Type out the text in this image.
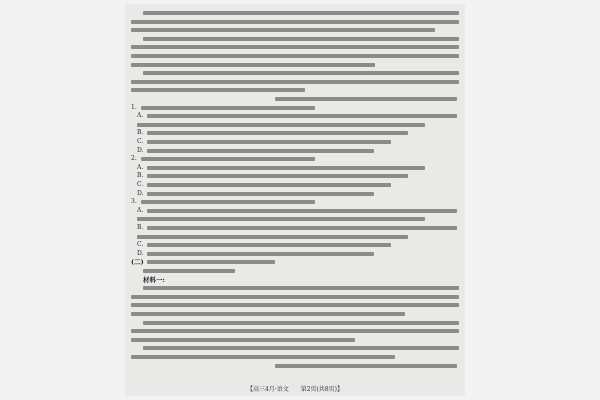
1.
A.
B.
C.
D.
2.
A.
B.
C.
D.
3.
A.
B.
C.
D.
(二)
材料一:
【高三4月·语文 第2页(共8页)】
